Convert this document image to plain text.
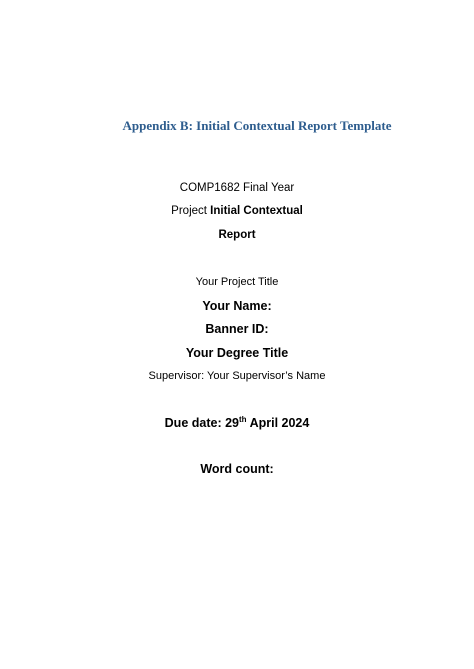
Appendix B: Initial Contextual Report Template
COMP1682 Final Year
Project Initial Contextual
Report
Your Project Title
Your Name:
Banner ID:
Your Degree Title
Supervisor: Your Supervisor’s Name
Due date: 29th April 2024
Word count:
